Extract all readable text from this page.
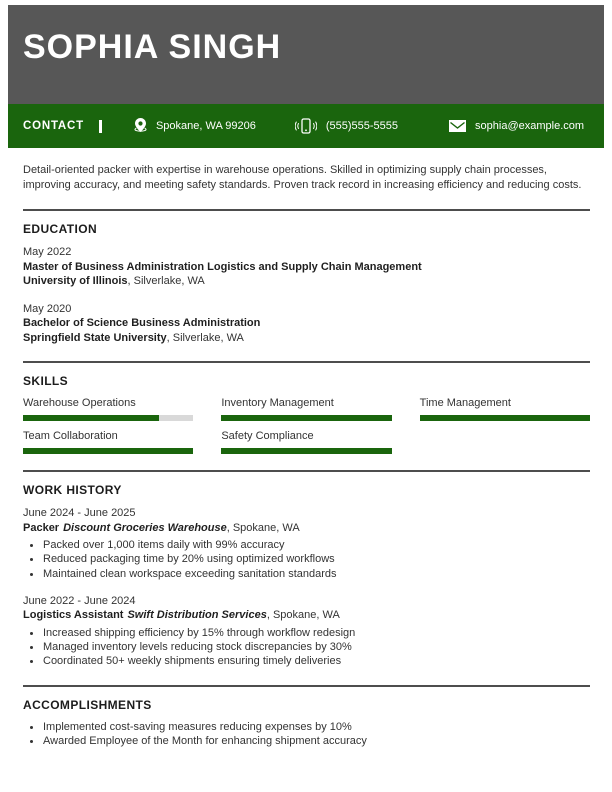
SOPHIA SINGH
CONTACT	Spokane, WA 99206	(555)555-5555	sophia@example.com

Detail-oriented packer with expertise in warehouse operations. Skilled in optimizing supply chain processes, improving accuracy, and meeting safety standards. Proven track record in increasing efficiency and reducing costs.

EDUCATION
May 2022
Master of Business Administration Logistics and Supply Chain Management
University of Illinois, Silverlake, WA
May 2020
Bachelor of Science Business Administration
Springfield State University, Silverlake, WA
SKILLS
Warehouse Operations	Inventory Management	Time Management
Team Collaboration	Safety Compliance
WORK HISTORY
June 2024 - June 2025
Packer Discount Groceries Warehouse, Spokane, WA
• Packed over 1,000 items daily with 99% accuracy
• Reduced packaging time by 20% using optimized workflows
• Maintained clean workspace exceeding sanitation standards
June 2022 - June 2024
Logistics Assistant Swift Distribution Services, Spokane, WA
• Increased shipping efficiency by 15% through workflow redesign
• Managed inventory levels reducing stock discrepancies by 30%
• Coordinated 50+ weekly shipments ensuring timely deliveries
ACCOMPLISHMENTS
• Implemented cost-saving measures reducing expenses by 10%
• Awarded Employee of the Month for enhancing shipment accuracy
